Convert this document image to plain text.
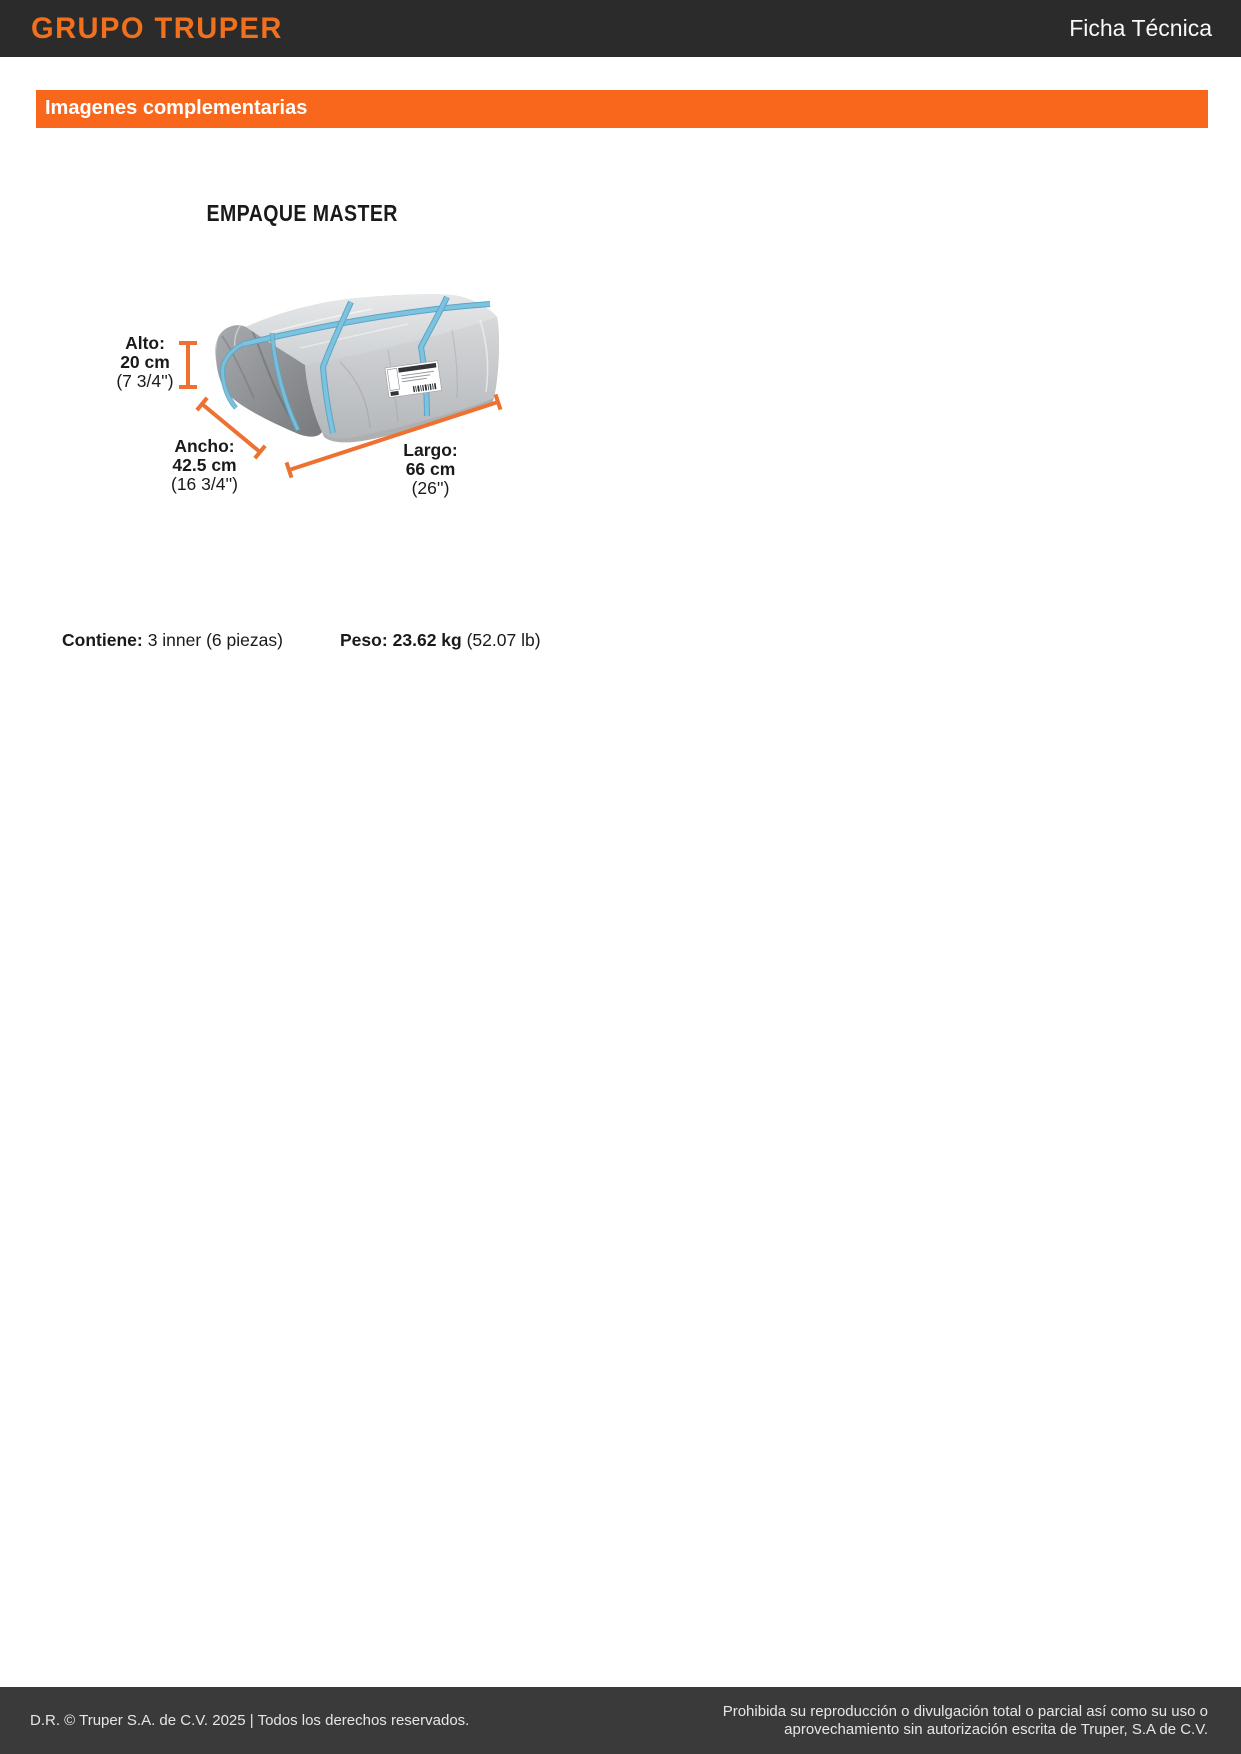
GRUPO TRUPER	Ficha Técnica
Imagenes complementarias
EMPAQUE MASTER
Alto:
20 cm
(7 3/4'')
Ancho:
42.5 cm
(16 3/4'')
Largo:
66 cm
(26'')
Contiene: 3 inner (6 piezas)	Peso: 23.62 kg (52.07 lb)
D.R. © Truper S.A. de C.V. 2025 | Todos los derechos reservados.
Prohibida su reproducción o divulgación total o parcial así como su uso o
aprovechamiento sin autorización escrita de Truper, S.A de C.V.
